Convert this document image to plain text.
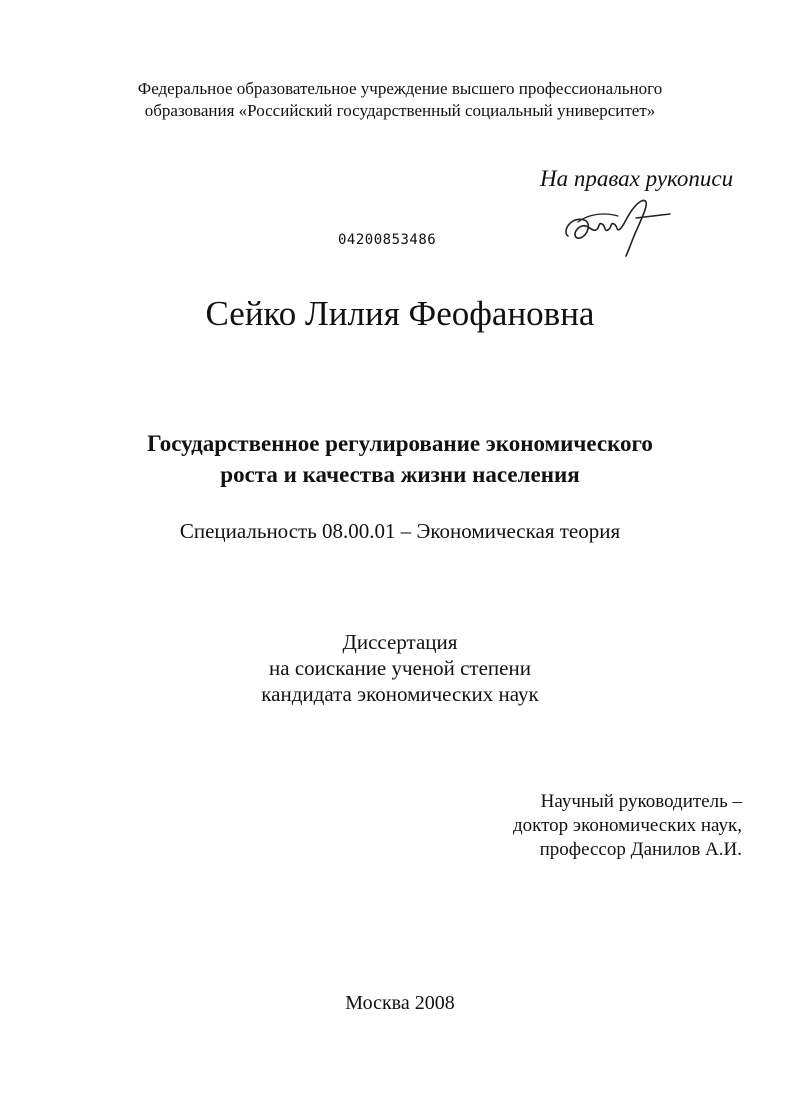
Федеральное образовательное учреждение высшего профессионального
образования «Российский государственный социальный университет»
На правах рукописи
04200853486
Сейко Лилия Феофановна
Государственное регулирование экономического
роста и качества жизни населения
Специальность 08.00.01 – Экономическая теория
Диссертация
на соискание ученой степени
кандидата экономических наук
Научный руководитель –
доктор экономических наук,
профессор Данилов А.И.
Москва 2008
